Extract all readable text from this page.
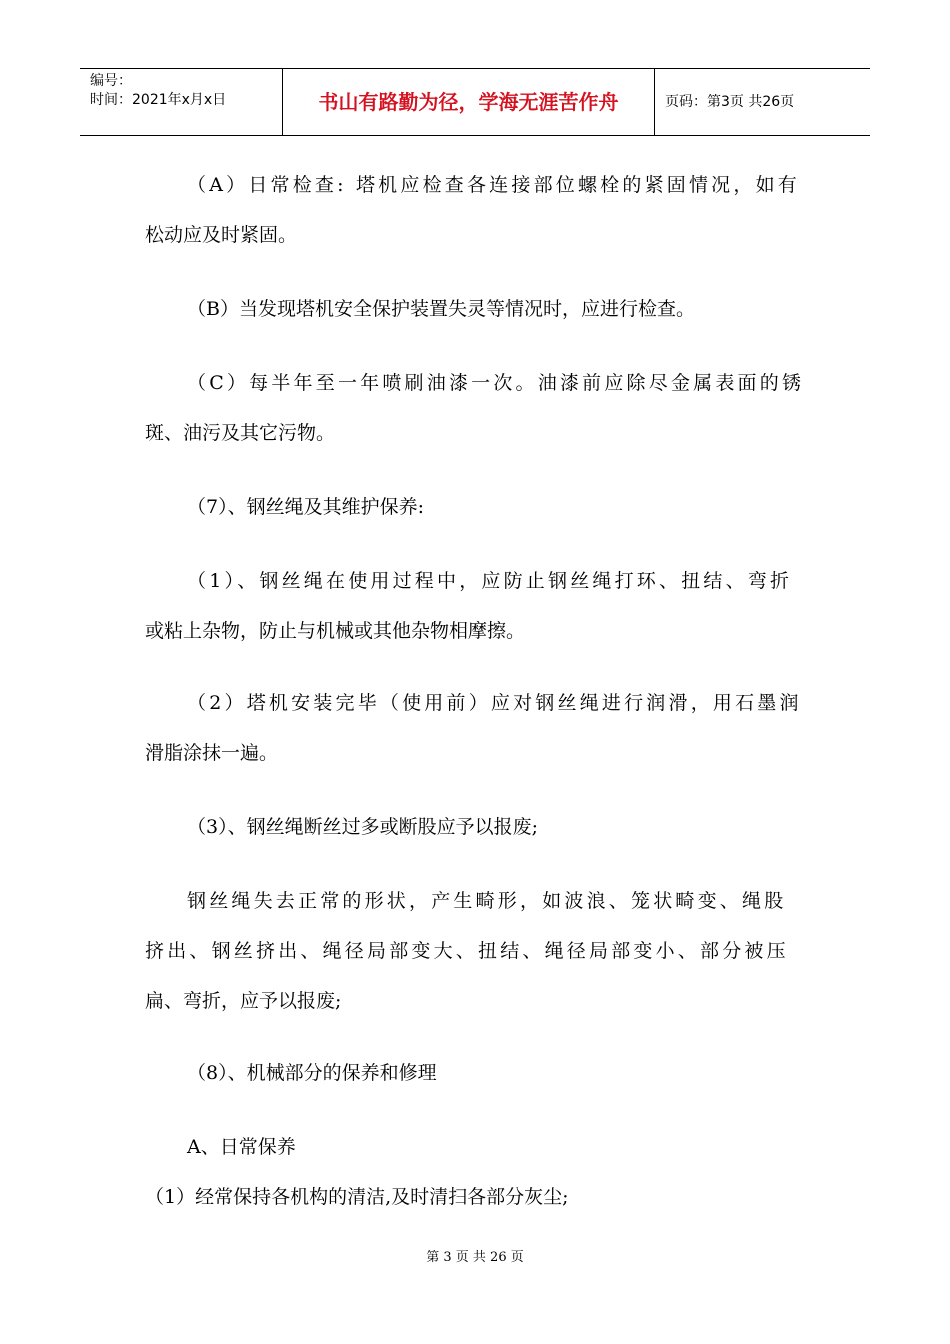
编号：
时间：2021年x月x日	书山有路勤为径，学海无涯苦作舟	页码：第3页 共26页
（A）日常检查: 塔机应检查各连接部位螺栓的紧固情况，如有
松动应及时紧固。
（B）当发现塔机安全保护装置失灵等情况时，应进行检查。
（C）每半年至一年喷刷油漆一次。油漆前应除尽金属表面的锈
斑、油污及其它污物。
（7）、钢丝绳及其维护保养:
（1）、钢丝绳在使用过程中，应防止钢丝绳打环、扭结、弯折
或粘上杂物，防止与机械或其他杂物相摩擦。
（2）塔机安装完毕（使用前）应对钢丝绳进行润滑，用石墨润
滑脂涂抹一遍。
（3）、钢丝绳断丝过多或断股应予以报废;
钢丝绳失去正常的形状，产生畸形，如波浪、笼状畸变、绳股
挤出、钢丝挤出、绳径局部变大、扭结、绳径局部变小、部分被压
扁、弯折，应予以报废;
（8）、机械部分的保养和修理
A、日常保养
（1）经常保持各机构的清洁,及时清扫各部分灰尘;
第 3 页 共 26 页
